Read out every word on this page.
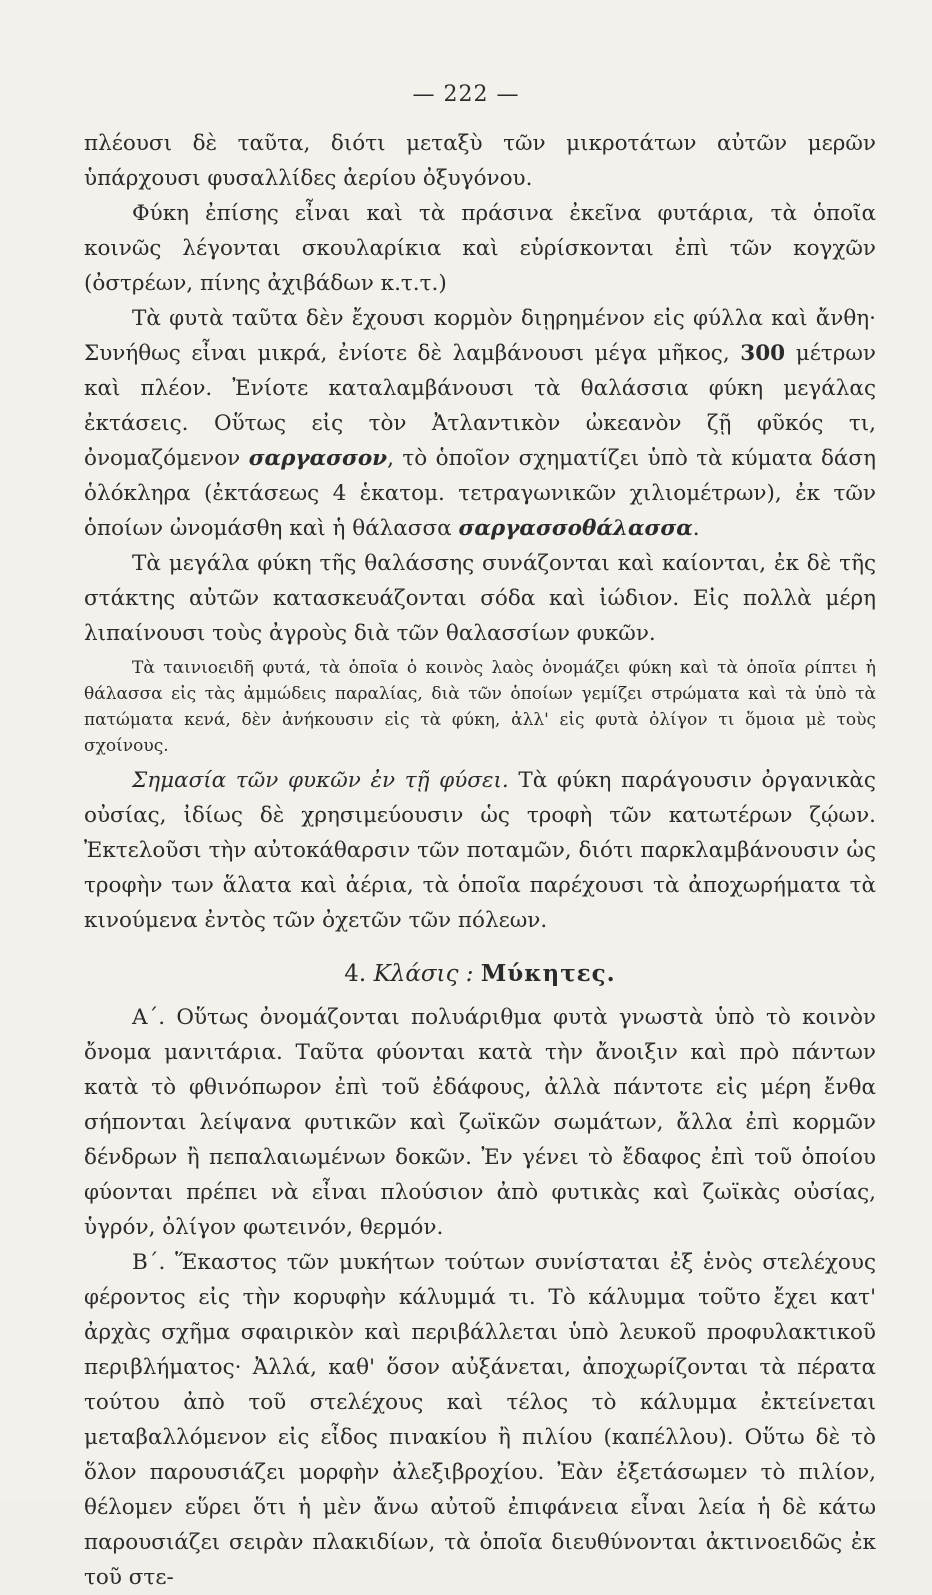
— 222 —

πλέουσι δὲ ταῦτα, διότι μεταξὺ τῶν μικροτάτων αὐτῶν μερῶν ὑπάρχουσι φυσαλλίδες ἀερίου ὀξυγόνου.

Φύκη ἐπίσης εἶναι καὶ τὰ πράσινα ἐκεῖνα φυτάρια, τὰ ὁποῖα κοινῶς λέγονται σκουλαρίκια καὶ εὑρίσκονται ἐπὶ τῶν κογχῶν (ὀστρέων, πίνης ἀχιβάδων κ.τ.τ.)

Τὰ φυτὰ ταῦτα δὲν ἔχουσι κορμὸν διῃρημένον εἰς φύλλα καὶ ἄνθη· Συνήθως εἶναι μικρά, ἐνίοτε δὲ λαμβάνουσι μέγα μῆκος, 300 μέτρων καὶ πλέον. Ἐνίοτε καταλαμβάνουσι τὰ θαλάσσια φύκη μεγάλας ἐκτάσεις. Οὕτως εἰς τὸν Ἀτλαντικὸν ὠκεανὸν ζῇ φῦκός τι, ὀνομαζόμενον σαργασσον, τὸ ὁποῖον σχηματίζει ὑπὸ τὰ κύματα δάση ὁλόκληρα (ἐκτάσεως 4 ἑκατομ. τετραγωνικῶν χιλιομέτρων), ἐκ τῶν ὁποίων ὠνομάσθη καὶ ἡ θάλασσα σαργασσοθάλασσα.

Τὰ μεγάλα φύκη τῆς θαλάσσης συνάζονται καὶ καίονται, ἐκ δὲ τῆς στάκτης αὐτῶν κατασκευάζονται σόδα καὶ ἰώδιον. Εἰς πολλὰ μέρη λιπαίνουσι τοὺς ἀγροὺς διὰ τῶν θαλασσίων φυκῶν.

Τὰ ταινιοειδῆ φυτά, τὰ ὁποῖα ὁ κοινὸς λαὸς ὀνομάζει φύκη καὶ τὰ ὁποῖα ρίπτει ἡ θάλασσα εἰς τὰς ἀμμώδεις παραλίας, διὰ τῶν ὁποίων γεμίζει στρώματα καὶ τὰ ὑπὸ τὰ πατώματα κενά, δὲν ἀνήκουσιν εἰς τὰ φύκη, ἀλλ' εἰς φυτὰ ὀλίγον τι ὅμοια μὲ τοὺς σχοίνους.

Σημασία τῶν φυκῶν ἐν τῇ φύσει. Τὰ φύκη παράγουσιν ὀργανικὰς οὐσίας, ἰδίως δὲ χρησιμεύουσιν ὡς τροφὴ τῶν κατωτέρων ζῴων. Ἐκτελοῦσι τὴν αὐτοκάθαρσιν τῶν ποταμῶν, διότι παρκλαμβάνουσιν ὡς τροφὴν των ἅλατα καὶ ἀέρια, τὰ ὁποῖα παρέχουσι τὰ ἀποχωρήματα τὰ κινούμενα ἐντὸς τῶν ὀχετῶν τῶν πόλεων.

4. Κλάσις : Μύκητες.

Α΄. Οὕτως ὀνομάζονται πολυάριθμα φυτὰ γνωστὰ ὑπὸ τὸ κοινὸν ὄνομα μανιτάρια. Ταῦτα φύονται κατὰ τὴν ἄνοιξιν καὶ πρὸ πάντων κατὰ τὸ φθινόπωρον ἐπὶ τοῦ ἐδάφους, ἀλλὰ πάντοτε εἰς μέρη ἔνθα σήπονται λείψανα φυτικῶν καὶ ζωϊκῶν σωμάτων, ἄλλα ἐπὶ κορμῶν δένδρων ἢ πεπαλαιωμένων δοκῶν. Ἐν γένει τὸ ἔδαφος ἐπὶ τοῦ ὁποίου φύονται πρέπει νὰ εἶναι πλούσιον ἀπὸ φυτικὰς καὶ ζωϊκὰς οὐσίας, ὑγρόν, ὀλίγον φωτεινόν, θερμόν.

Β΄. Ἕκαστος τῶν μυκήτων τούτων συνίσταται ἐξ ἑνὸς στελέχους φέροντος εἰς τὴν κορυφὴν κάλυμμά τι. Τὸ κάλυμμα τοῦτο ἔχει κατ' ἀρχὰς σχῆμα σφαιρικὸν καὶ περιβάλλεται ὑπὸ λευκοῦ προφυλακτικοῦ περιβλήματος· Ἀλλά, καθ' ὅσον αὐξάνεται, ἀποχωρίζονται τὰ πέρατα τούτου ἀπὸ τοῦ στελέχους καὶ τέλος τὸ κάλυμμα ἐκτείνεται μεταβαλλόμενον εἰς εἶδος πινακίου ἢ πιλίου (καπέλλου). Οὕτω δὲ τὸ ὅλον παρουσιάζει μορφὴν ἀλεξιβροχίου. Ἐὰν ἐξετάσωμεν τὸ πιλίον, θέλομεν εὕρει ὅτι ἡ μὲν ἄνω αὐτοῦ ἐπιφάνεια εἶναι λεία ἡ δὲ κάτω παρουσιάζει σειρὰν πλακιδίων, τὰ ὁποῖα διευθύνονται ἀκτινοειδῶς ἐκ τοῦ στε-
